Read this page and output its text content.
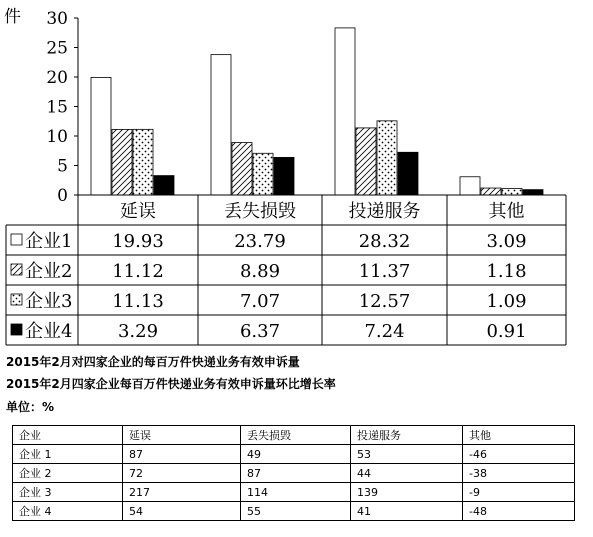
件
0
5
10
15
20
25
30
延误	丢失损毁	投递服务	其他
企业1 19.93	23.79	28.32	3.09
企业2 11.12	8.89	11.37	1.18
企业3 11.13	7.07	12.57	1.09
企业4	3.29	6.37	7.24	0.91
2015年2月对四家企业的每百万件快递业务有效申诉量
2015年2月四家企业每百万件快递业务有效申诉量环比增长率
单位：%
企业	延误	丢失损毁	投递服务	其他
企业 1	87	49	53	-46
企业 2	72	87	44	-38
企业 3	217	114	139	-9
企业 4	54	55	41	-48
